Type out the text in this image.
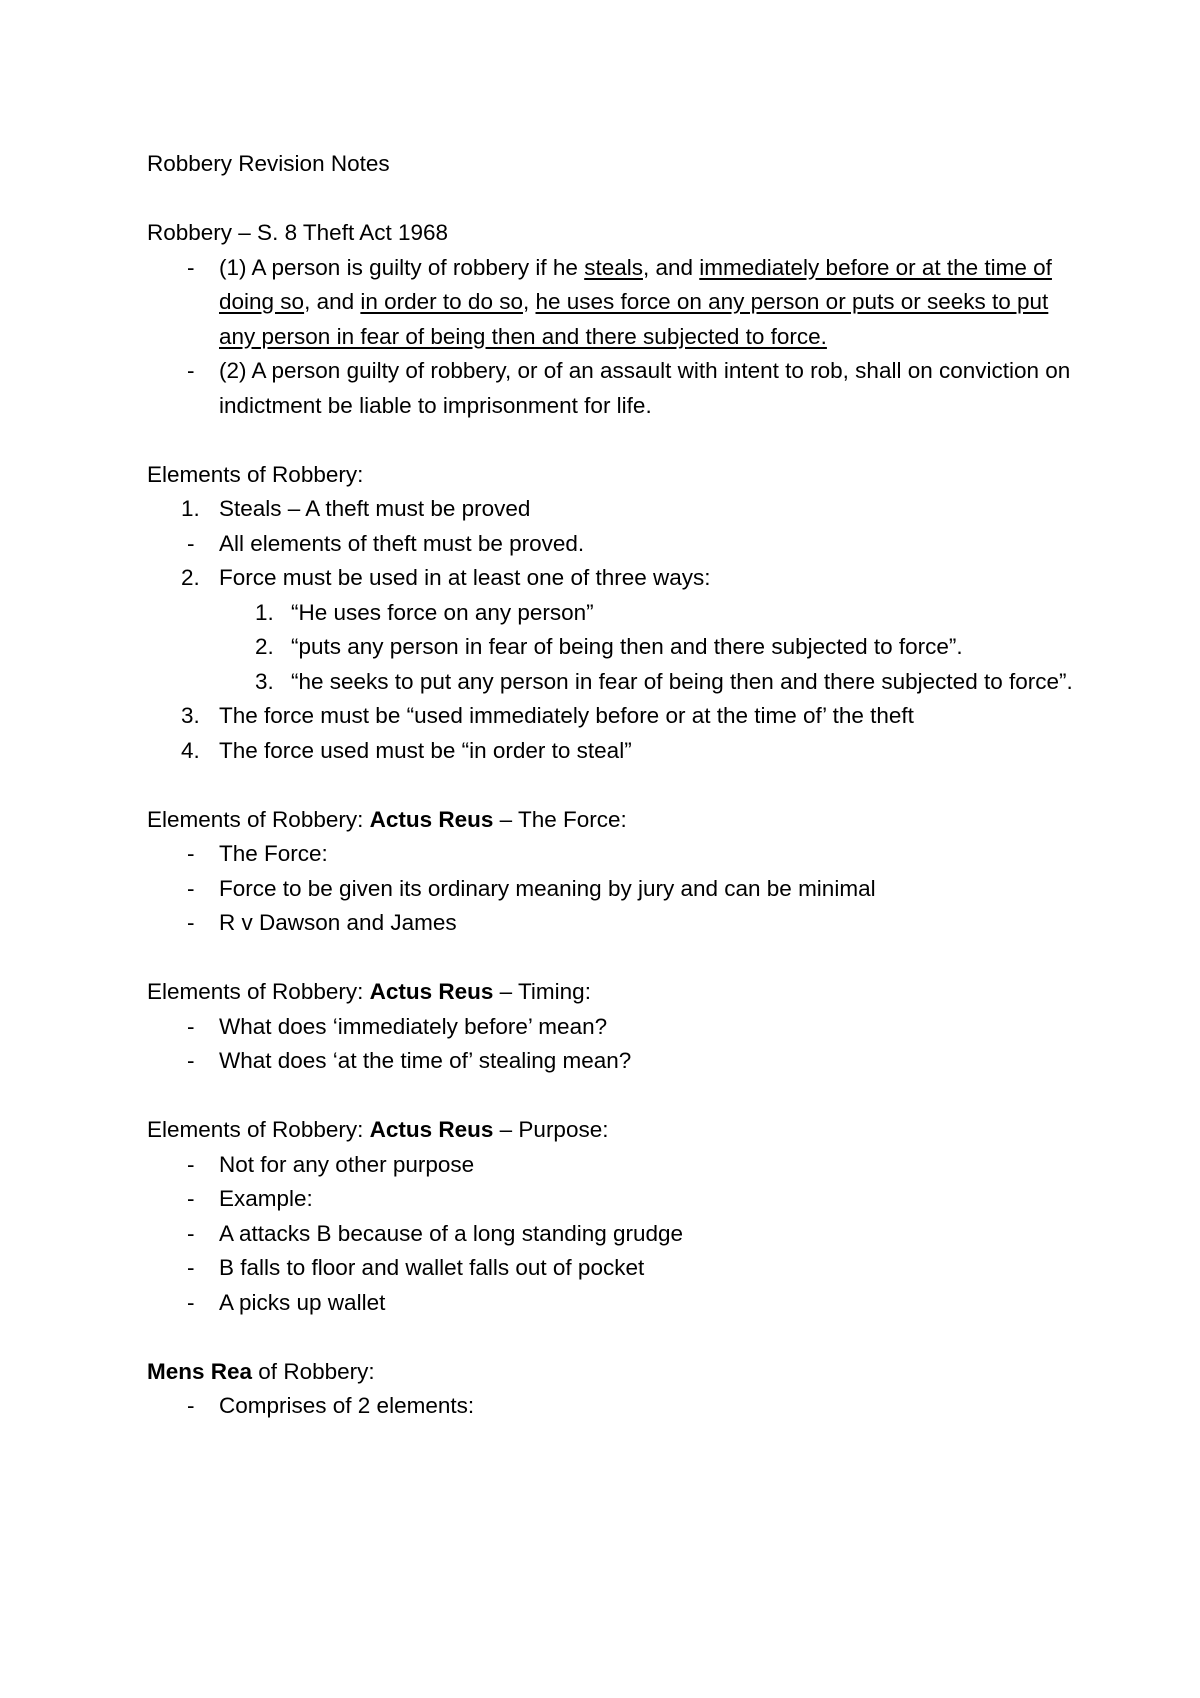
Robbery Revision Notes

Robbery – S. 8 Theft Act 1968

-	(1) A person is guilty of robbery if he steals, and immediately before or at the time of doing so, and in order to do so, he uses force on any person or puts or seeks to put any person in fear of being then and there subjected to force.
-	(2) A person guilty of robbery, or of an assault with intent to rob, shall on conviction on indictment be liable to imprisonment for life.

Elements of Robbery:

1. Steals – A theft must be proved
-	All elements of theft must be proved.
2. Force must be used in at least one of three ways:
1. “He uses force on any person”
2. “puts any person in fear of being then and there subjected to force”.
3. “he seeks to put any person in fear of being then and there subjected to force”.
3. The force must be “used immediately before or at the time of’ the theft
4. The force used must be “in order to steal”

Elements of Robbery: Actus Reus – The Force:

-	The Force:
-	Force to be given its ordinary meaning by jury and can be minimal
-	R v Dawson and James

Elements of Robbery: Actus Reus – Timing:

-	What does ‘immediately before’ mean?
-	What does ‘at the time of’ stealing mean?

Elements of Robbery: Actus Reus – Purpose:

-	Not for any other purpose
-	Example:
-	A attacks B because of a long standing grudge
-	B falls to floor and wallet falls out of pocket
-	A picks up wallet

Mens Rea of Robbery:

-	Comprises of 2 elements:
